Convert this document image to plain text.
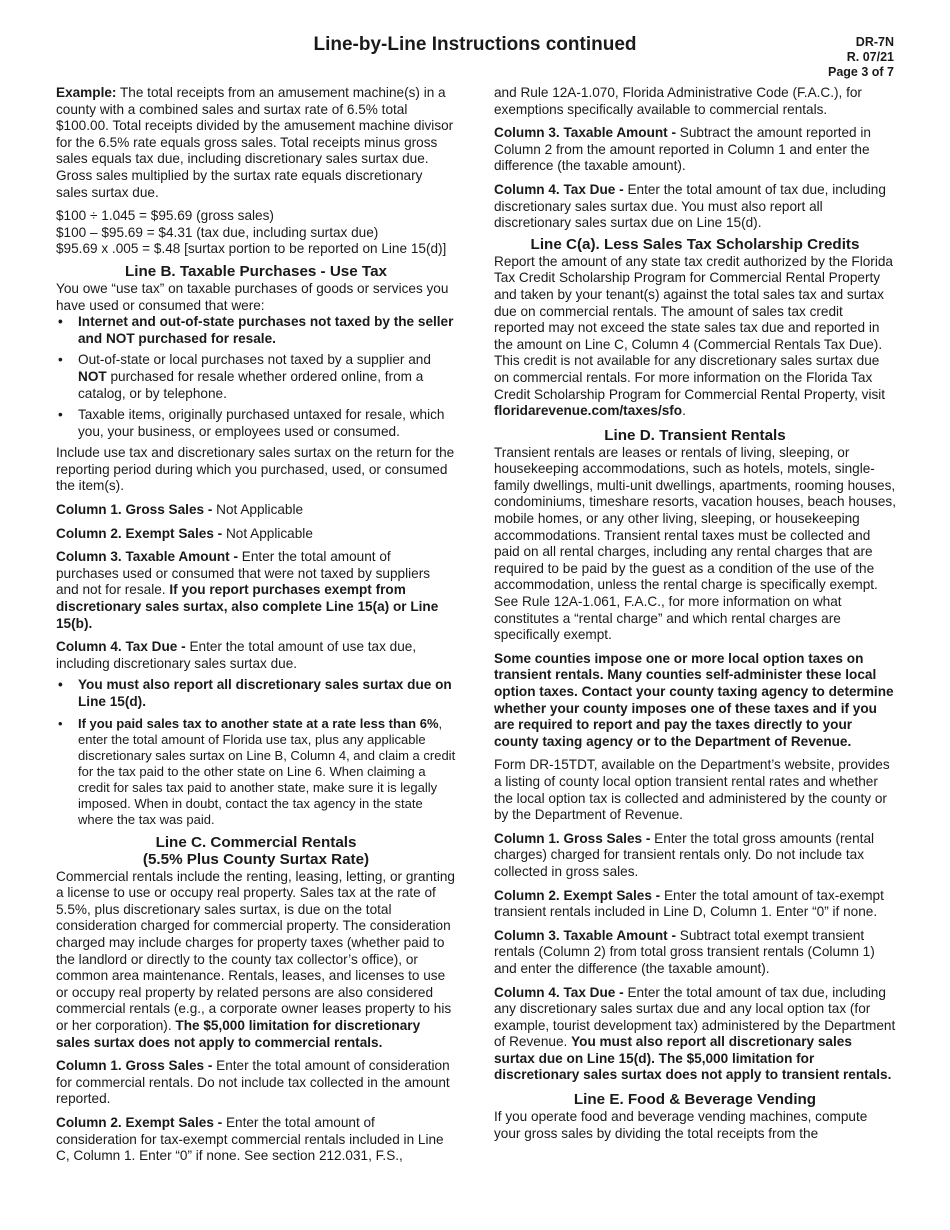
Line-by-Line Instructions continued	DR-7N
R. 07/21
Page 3 of 7

Example: The total receipts from an amusement machine(s) in a county with a combined sales and surtax rate of 6.5% total $100.00. Total receipts divided by the amusement machine divisor for the 6.5% rate equals gross sales. Total receipts minus gross sales equals tax due, including discretionary sales surtax due. Gross sales multiplied by the surtax rate equals discretionary sales surtax due.

$100 ÷ 1.045 = $95.69 (gross sales)

$100 – $95.69 = $4.31 (tax due, including surtax due)

$95.69 x .005 = $.48 [surtax portion to be reported on Line 15(d)]

Line B. Taxable Purchases - Use Tax

You owe “use tax” on taxable purchases of goods or services you have used or consumed that were:

• Internet and out-of-state purchases not taxed by the seller and NOT purchased for resale.
• Out-of-state or local purchases not taxed by a supplier and NOT purchased for resale whether ordered online, from a catalog, or by telephone.
• Taxable items, originally purchased untaxed for resale, which you, your business, or employees used or consumed.

Include use tax and discretionary sales surtax on the return for the reporting period during which you purchased, used, or consumed the item(s).

Column 1. Gross Sales - Not Applicable

Column 2. Exempt Sales - Not Applicable

Column 3. Taxable Amount - Enter the total amount of purchases used or consumed that were not taxed by suppliers and not for resale. If you report purchases exempt from discretionary sales surtax, also complete Line 15(a) or Line 15(b).

Column 4. Tax Due - Enter the total amount of use tax due, including discretionary sales surtax due.

• You must also report all discretionary sales surtax due on Line 15(d).
• If you paid sales tax to another state at a rate less than 6%, enter the total amount of Florida use tax, plus any applicable discretionary sales surtax on Line B, Column 4, and claim a credit for the tax paid to the other state on Line 6. When claiming a credit for sales tax paid to another state, make sure it is legally imposed. When in doubt, contact the tax agency in the state where the tax was paid.
Line C. Commercial Rentals
(5.5% Plus County Surtax Rate)

Commercial rentals include the renting, leasing, letting, or granting a license to use or occupy real property. Sales tax at the rate of 5.5%, plus discretionary sales surtax, is due on the total consideration charged for commercial property. The consideration charged may include charges for property taxes (whether paid to the landlord or directly to the county tax collector’s office), or common area maintenance. Rentals, leases, and licenses to use or occupy real property by related persons are also considered commercial rentals (e.g., a corporate owner leases property to his or her corporation). The $5,000 limitation for discretionary sales surtax does not apply to commercial rentals.

Column 1. Gross Sales - Enter the total amount of consideration for commercial rentals. Do not include tax collected in the amount reported.

Column 2. Exempt Sales - Enter the total amount of consideration for tax-exempt commercial rentals included in Line C, Column 1. Enter “0” if none. See section 212.031, F.S.,

and Rule 12A-1.070, Florida Administrative Code (F.A.C.), for exemptions specifically available to commercial rentals.

Column 3. Taxable Amount - Subtract the amount reported in Column 2 from the amount reported in Column 1 and enter the difference (the taxable amount).

Column 4. Tax Due - Enter the total amount of tax due, including discretionary sales surtax due. You must also report all discretionary sales surtax due on Line 15(d).

Line C(a). Less Sales Tax Scholarship Credits

Report the amount of any state tax credit authorized by the Florida Tax Credit Scholarship Program for Commercial Rental Property and taken by your tenant(s) against the total sales tax and surtax due on commercial rentals. The amount of sales tax credit reported may not exceed the state sales tax due and reported in the amount on Line C, Column 4 (Commercial Rentals Tax Due). This credit is not available for any discretionary sales surtax due on commercial rentals. For more information on the Florida Tax Credit Scholarship Program for Commercial Rental Property, visit
floridarevenue.com/taxes/sfo.

Line D. Transient Rentals

Transient rentals are leases or rentals of living, sleeping, or housekeeping accommodations, such as hotels, motels, single-family dwellings, multi-unit dwellings, apartments, rooming houses, condominiums, timeshare resorts, vacation houses, beach houses, mobile homes, or any other living, sleeping, or housekeeping accommodations. Transient rental taxes must be collected and paid on all rental charges, including any rental charges that are required to be paid by the guest as a condition of the use of the accommodation, unless the rental charge is specifically exempt. See Rule 12A-1.061, F.A.C., for more information on what constitutes a “rental charge” and which rental charges are specifically exempt.

Some counties impose one or more local option taxes on transient rentals. Many counties self-administer these local option taxes. Contact your county taxing agency to determine whether your county imposes one of these taxes and if you are required to report and pay the taxes directly to your county taxing agency or to the Department of Revenue.

Form DR-15TDT, available on the Department’s website, provides a listing of county local option transient rental rates and whether the local option tax is collected and administered by the county or by the Department of Revenue.

Column 1. Gross Sales - Enter the total gross amounts (rental charges) charged for transient rentals only. Do not include tax collected in gross sales.

Column 2. Exempt Sales - Enter the total amount of tax-exempt transient rentals included in Line D, Column 1. Enter “0” if none.

Column 3. Taxable Amount - Subtract total exempt transient rentals (Column 2) from total gross transient rentals (Column 1) and enter the difference (the taxable amount).

Column 4. Tax Due - Enter the total amount of tax due, including any discretionary sales surtax due and any local option tax (for example, tourist development tax) administered by the Department of Revenue. You must also report all discretionary sales surtax due on Line 15(d). The $5,000 limitation for discretionary sales surtax does not apply to transient rentals.

Line E. Food & Beverage Vending

If you operate food and beverage vending machines, compute your gross sales by dividing the total receipts from the
